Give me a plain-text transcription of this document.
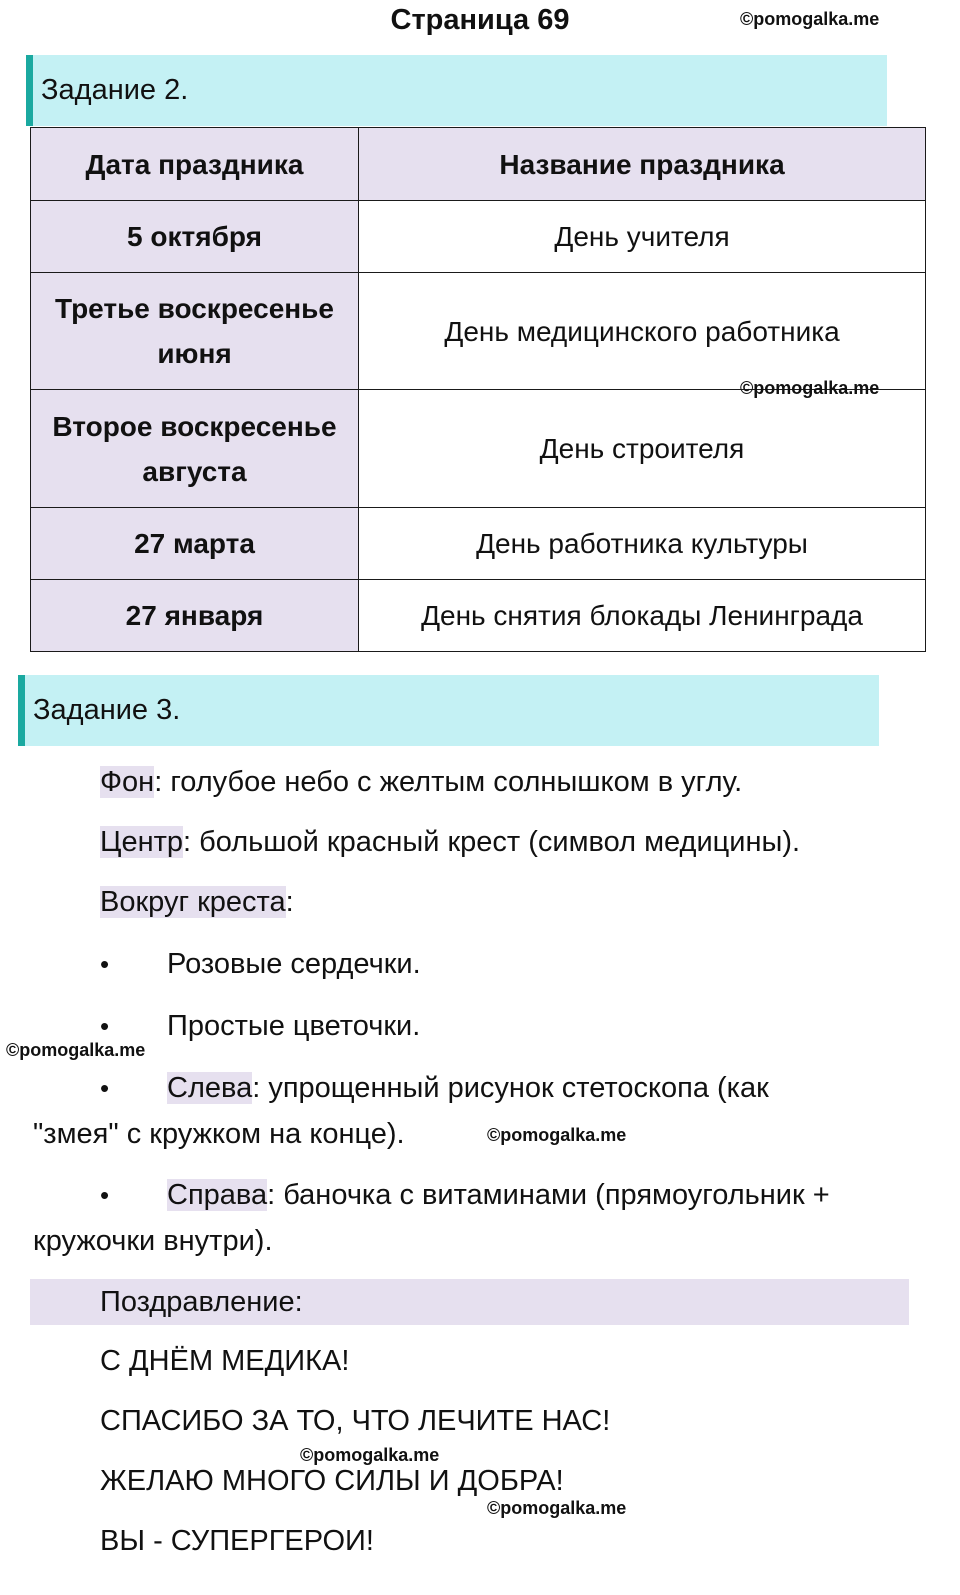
Страница 69	©pomogalka.me
Задание 2.
Дата праздника	Название праздника
5 октября	День учителя
Третье воскресенье июня	День медицинского работника
Второе воскресенье августа	День строителя
27 марта	День работника культуры
27 января	День снятия блокады Ленинграда
©pomogalka.me
Задание 3.
Фон: голубое небо с желтым солнышком в углу.
Центр: большой красный крест (символ медицины).
Вокруг креста:
• Розовые сердечки.
• Простые цветочки.
©pomogalka.me
• Слева: упрощенный рисунок стетоскопа (как
"змея" с кружком на конце).	©pomogalka.me
• Справа: баночка с витаминами (прямоугольник +
кружочки внутри).
Поздравление:
С ДНЁМ МЕДИКА!
СПАСИБО ЗА ТО, ЧТО ЛЕЧИТЕ НАС!
©pomogalka.me
ЖЕЛАЮ МНОГО СИЛЫ И ДОБРА!
©pomogalka.me
ВЫ - СУПЕРГЕРОИ!
